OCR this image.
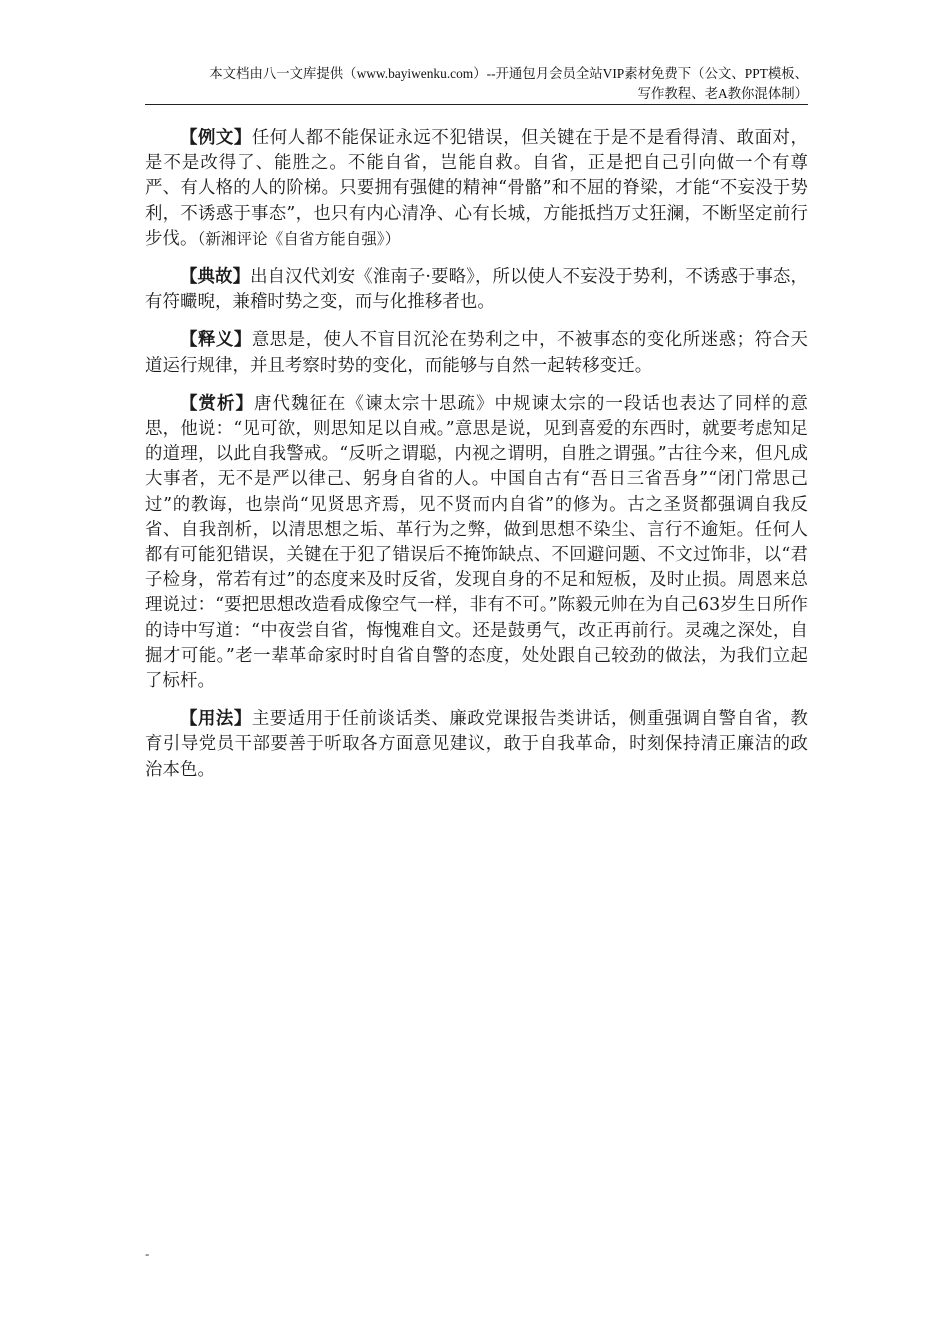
本文档由八一文库提供（www.bayiwenku.com）--开通包月会员全站VIP素材免费下（公文、PPT模板、
写作教程、老A教你混体制）

【例文】任何人都不能保证永远不犯错误，但关键在于是不是看得清、敢面对，是不是改得了、能胜之。不能自省，岂能自救。自省，正是把自己引向做一个有尊严、有人格的人的阶梯。只要拥有强健的精神“骨骼”和不屈的脊梁，才能“不妄没于势利，不诱惑于事态”，也只有内心清净、心有长城，方能抵挡万丈狂澜，不断坚定前行步伐。（新湘评论《自省方能自强》）

【典故】出自汉代刘安《淮南子·要略》，所以使人不妄没于势利，不诱惑于事态，有符曮晲，兼稽时势之变，而与化推移者也。

【释义】意思是，使人不盲目沉沦在势利之中，不被事态的变化所迷惑；符合天道运行规律，并且考察时势的变化，而能够与自然一起转移变迁。

【赏析】唐代魏征在《谏太宗十思疏》中规谏太宗的一段话也表达了同样的意思，他说：“见可欲，则思知足以自戒。”意思是说，见到喜爱的东西时，就要考虑知足的道理，以此自我警戒。“反听之谓聪，内视之谓明，自胜之谓强。”古往今来，但凡成大事者，无不是严以律己、躬身自省的人。中国自古有“吾日三省吾身”“闭门常思己过”的教诲，也崇尚“见贤思齐焉，见不贤而内自省”的修为。古之圣贤都强调自我反省、自我剖析，以清思想之垢、革行为之弊，做到思想不染尘、言行不逾矩。任何人都有可能犯错误，关键在于犯了错误后不掩饰缺点、不回避问题、不文过饰非，以“君子检身，常若有过”的态度来及时反省，发现自身的不足和短板，及时止损。周恩来总理说过：“要把思想改造看成像空气一样，非有不可。”陈毅元帅在为自己63岁生日所作的诗中写道：“中夜尝自省，悔愧难自文。还是鼓勇气，改正再前行。灵魂之深处，自掘才可能。”老一辈革命家时时自省自警的态度，处处跟自己较劲的做法，为我们立起了标杆。

【用法】主要适用于任前谈话类、廉政党课报告类讲话，侧重强调自警自省，教育引导党员干部要善于听取各方面意见建议，敢于自我革命，时刻保持清正廉洁的政治本色。

-
